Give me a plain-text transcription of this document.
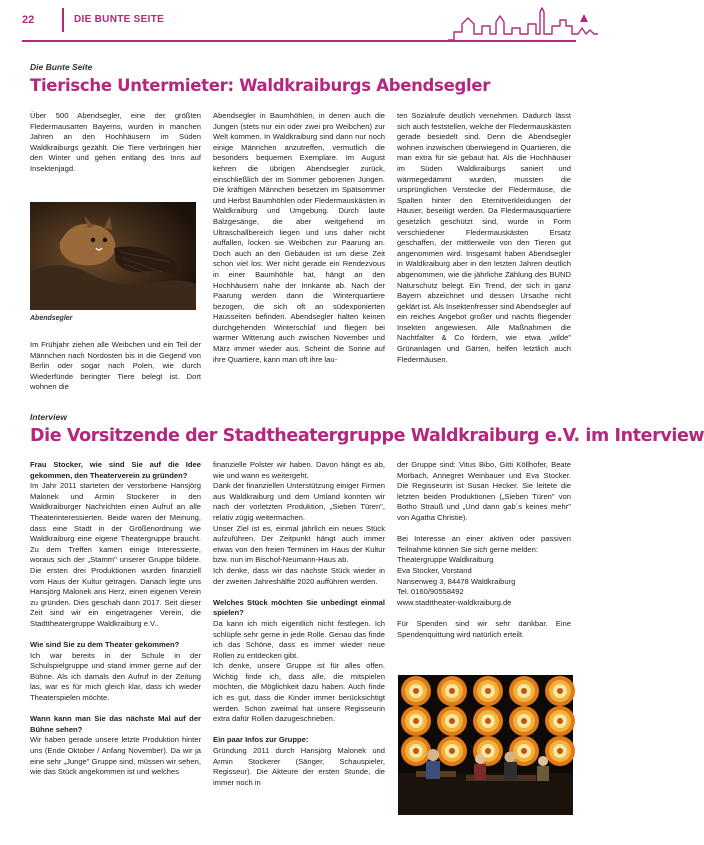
22	DIE BUNTE SEITE
Die Bunte Seite
Tierische Untermieter: Waldkraiburgs Abendsegler

Über 500 Abendsegler, eine der größten Fledermausarten Bayerns, wurden in manchen Jahren an den Hochhäusern im Süden Waldkraiburgs gezählt. Die Tiere verbringen hier den Winter und gehen entlang des Inns auf Insektenjagd.

Abendsegler

Im Frühjahr ziehen alle Weibchen und ein Teil der Männchen nach Nordosten bis in die Gegend von Berlin oder sogar nach Polen, wie durch Wiederfünde beringter Tiere belegt ist. Dort wohnen die

Abendsegler in Baumhöhlen, in denen auch die Jungen (stets nur ein oder zwei pro Weibchen) zur Welt kommen. In Waldkraiburg sind dann nur noch einige Männchen anzutreffen, vermutlich die besonders bequemen Exemplare. Im August kehren die übrigen Abendsegler zurück, einschließlich der im Sommer geborenen Jungen. Die kräftigen Männchen besetzen im Spätsommer und Herbst Baumhöhlen oder Fledermauskästen in Waldkraiburg und Umgebung. Durch laute Balzgesänge, die aber weitgehend im Ultraschallbereich liegen und uns daher nicht auffallen, locken sie Weibchen zur Paarung an. Doch auch an den Gebäuden ist um diese Zeit schon viel los: Wer nicht gerade ein Rendezvous in einer Baumhöhle hat, hängt an den Hochhäusern nahe der Innkante ab. Nach der Paarung werden dann die Winterquartiere bezogen, die sich oft an südexponierten Hausseiten befinden. Abendsegler halten keinen durchgehenden Winterschlaf und fliegen bei warmer Witterung auch zwischen November und März immer wieder aus. Scheint die Sonne auf ihre Quartiere, kann man oft ihre lau-

ten Sozialrufe deutlich vernehmen. Dadurch lässt sich auch feststellen, welche der Fledermauskästen gerade besiedelt sind. Denn die Abendsegler wohnen inzwischen überwiegend in Quartieren, die man extra für sie gebaut hat. Als die Hochhäuser im Süden Waldkraiburgs saniert und wärmegedämmt wurden, mussten die ursprünglichen Verstecke der Fledermäuse, die Spalten hinter den Eternitverkleidungen der Häuser, beseitigt werden. Da Fledermausquartiere gesetzlich geschützt sind, wurde in Form verschiedener Fledermauskästen Ersatz geschaffen, der mittlerweile von den Tieren gut angenommen wird. Insgesamt haben Abendsegler in Waldkraiburg aber in den letzten Jahren deutlich abgenommen, wie die jährliche Zählung des BUND Naturschutz belegt. Ein Trend, der sich in ganz Bayern abzeichnet und dessen Ursache nicht geklärt ist. Als Insektenfresser sind Abendsegler auf ein reiches Angebot großer und nachts fliegender Insekten angewiesen. Alle Maßnahmen die Nachtfalter & Co fördern, wie etwa „wilde" Grünanlagen und Gärten, helfen letztlich auch Fledermäusen.

Interview
Die Vorsitzende der Stadtheatergruppe Waldkraiburg e.V. im Interview

Frau Stocker, wie sind Sie auf die Idee gekommen, den Theaterverein zu gründen?

Im Jahr 2011 starteten der verstorbene Hansjörg Malonek und Armin Stockerer in den Waldkraiburger Nachrichten einen Aufruf an alle Theaterinteressierten. Beide waren der Meinung, dass eine Stadt in der Größenordnung wie Waldkraiburg eine eigene Theatergruppe braucht. Zu dem Treffen kamen einige Interessierte, woraus sich der „Stamm" unserer Gruppe bildete. Die ersten drei Produktionen wurden finanziell vom Haus der Kultur getragen. Danach legte uns Hansjörg Malonek ans Herz, einen eigenen Verein zu gründen. Dies geschah dann 2017. Seit dieser Zeit sind wir ein eingetragener Verein, die Stadttheatergruppe Waldkraiburg e.V..

Wie sind Sie zu dem Theater gekommen?

Ich war bereits in der Schule in der Schulspielgruppe und stand immer gerne auf der Bühne. Als ich damals den Aufruf in der Zeitung las, war es für mich gleich klar, dass ich wieder Theaterspielen möchte.

Wann kann man Sie das nächste Mal auf der Bühne sehen?

Wir haben gerade unsere letzte Produktion hinter uns (Ende Oktober / Anfang November). Da wir ja eine sehr „Junge" Gruppe sind, müssen wir sehen, wie das Stück angekommen ist und welches

finanzielle Polster wir haben. Davon hängt es ab, wie und wann es weitergeht.

Dank der finanziellen Unterstützung einiger Firmen aus Waldkraiburg und dem Umland konnten wir nach der vorletzten Produktion, „Sieben Türen", relativ zügig weitermachen.

Unser Ziel ist es, einmal jährlich ein neues Stück aufzuführen. Der Zeitpunkt hängt auch immer etwas von den freien Terminen im Haus der Kultur bzw. nun im Bischof-Neumann-Haus ab.

Ich denke, dass wir das nächste Stück wieder in der zweiten Jahreshälfte 2020 aufführen werden.

Welches Stück möchten Sie unbedingt einmal spielen?

Da kann ich mich eigentlich nicht festlegen. Ich schlüpfe sehr gerne in jede Rolle. Genau das finde ich das Schöne, dass es immer wieder neue Rollen zu entdecken gibt.

Ich denke, unsere Gruppe ist für alles offen. Wichtig finde ich, dass alle, die mitspielen möchten, die Möglichkeit dazu haben. Auch finde ich es gut, dass die Kinder immer berücksichtigt werden. Schon zweimal hat unsere Regisseurin extra dafür Rollen dazugeschrieben.

Ein paar Infos zur Gruppe:

Gründung 2011 durch Hansjörg Malonek und Armin Stockerer (Sänger, Schauspieler, Regisseur). Die Akteure der ersten Stunde, die immer noch in

der Gruppe sind: Vitus Bibo, Gitti Köllhofer, Beate Morbach, Annegret Weinbauer und Eva Stocker. Die Regisseurin ist Susan Hecker. Sie leitete die letzten beiden Produktionen („Sieben Türen" von Botho Strauß und „Und dann gab´s keines mehr" von Agatha Christie).

Bei Interesse an einer aktiven oder passiven Teilnahme können Sie sich gerne melden:

Theatergruppe Waldkraiburg
Eva Stocker, Vorstand
Nansenweg 3, 84478 Waldkraiburg
Tel. 0160/90558492
www.stadttheater-waldkraiburg.de

Für Spenden sind wir sehr dankbar. Eine Spendenquittung wird natürlich erteilt.
